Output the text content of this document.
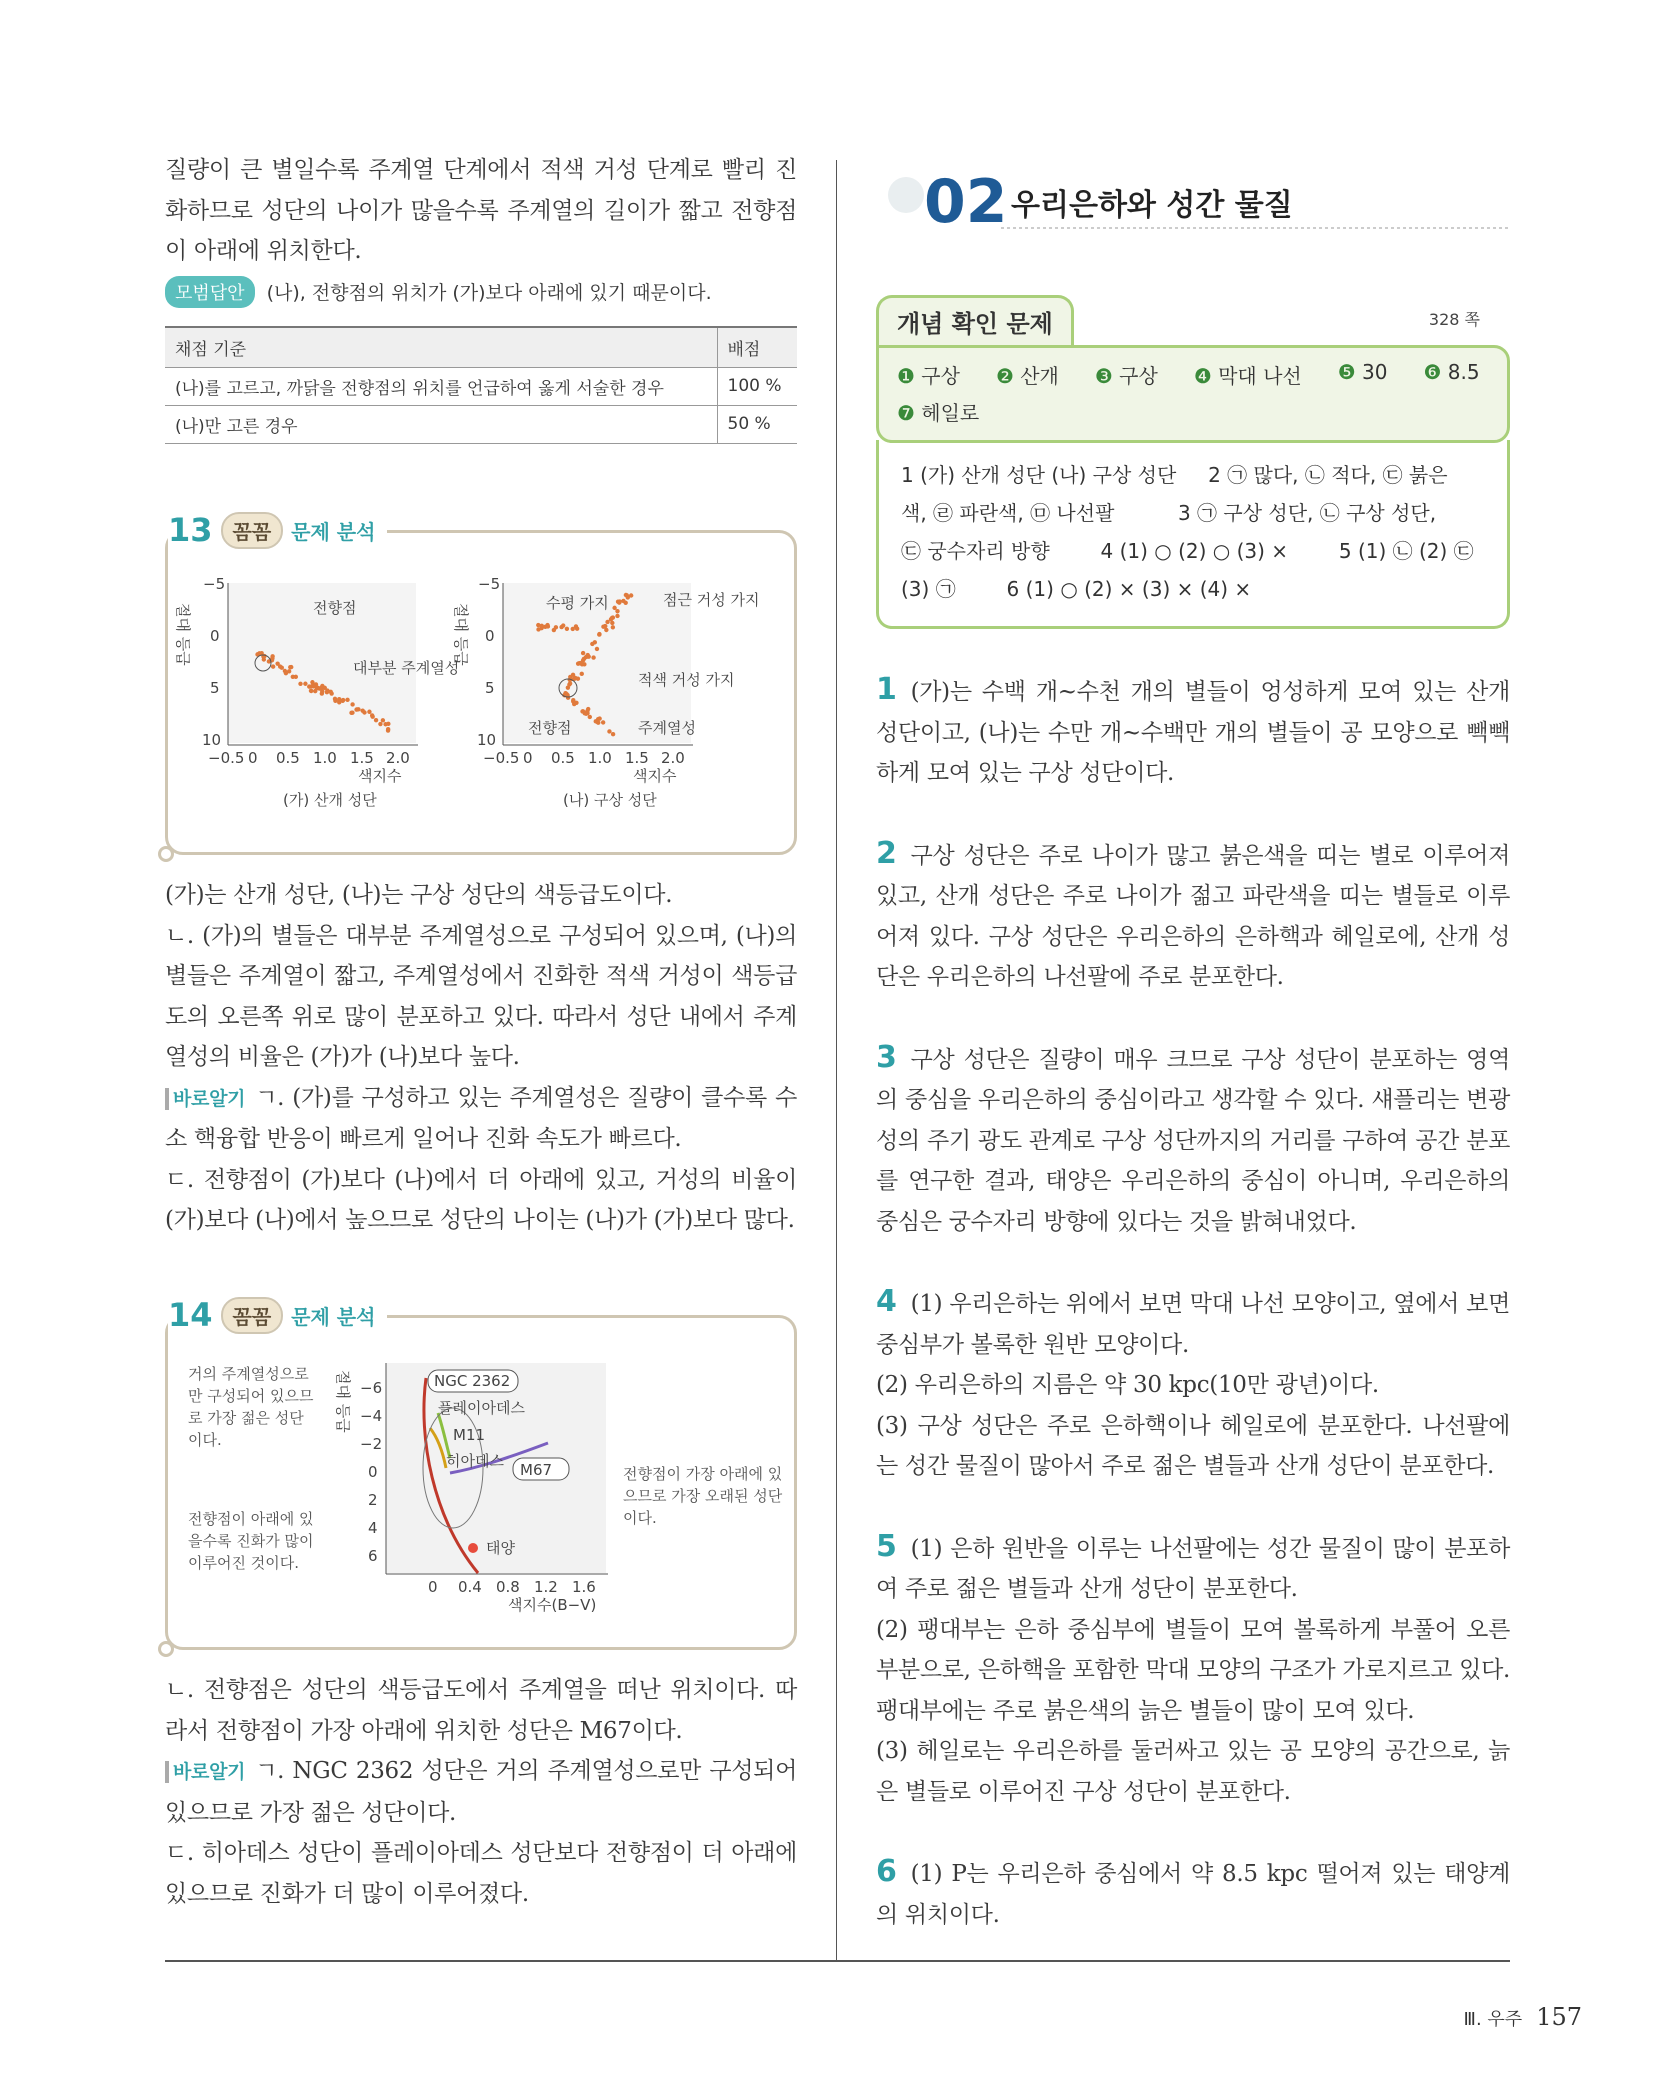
질량이 큰 별일수록 주계열 단계에서 적색 거성 단계로 빨리 진화하므로 성단의 나이가 많을수록 주계열의 길이가 짧고 전향점이 아래에 위치한다.

모범답안	(나), 전향점의 위치가 (가)보다 아래에 있기 때문이다.
채점 기준	배점
(나)를 고르고, 까닭을 전향점의 위치를 언급하여 옳게 서술한 경우	100 %
(나)만 고른 경우	50 %
13	꼼꼼	문제 분석
절대 등급
−5
0
5
10
−0.5 0 0.5 1.0 1.5 2.0
색지수
전향점
대부분 주계열성
(가) 산개 성단
절대 등급
−5
0
5
10
−0.5 0 0.5 1.0 1.5 2.0
색지수
수평 가지	점근 거성 가지
적색 거성 가지
전향점	주계열성
(나) 구상 성단

(가)는 산개 성단, (나)는 구상 성단의 색등급도이다.

ㄴ. (가)의 별들은 대부분 주계열성으로 구성되어 있으며, (나)의 별들은 주계열이 짧고, 주계열성에서 진화한 적색 거성이 색등급도의 오른쪽 위로 많이 분포하고 있다. 따라서 성단 내에서 주계열성의 비율은 (가)가 (나)보다 높다.

바로알기 ㄱ. (가)를 구성하고 있는 주계열성은 질량이 클수록 수소 핵융합 반응이 빠르게 일어나 진화 속도가 빠르다.

ㄷ. 전향점이 (가)보다 (나)에서 더 아래에 있고, 거성의 비율이 (가)보다 (나)에서 높으므로 성단의 나이는 (나)가 (가)보다 많다.

14	꼼꼼	문제 분석
거의 주계열성으로만 구성되어 있으므로 가장 젊은 성단이다.
전향점이 아래에 있을수록 진화가 많이 이루어진 것이다.
전향점이 가장 아래에 있으므로 가장 오래된 성단이다.
절대 등급 −6
−4
−2
0
2
4
6
0 0.4 0.8 1.2 1.6
색지수(B−V)
NGC 2362
플레이아데스
M11
히아데스 M67
태양

ㄴ. 전향점은 성단의 색등급도에서 주계열을 떠난 위치이다. 따라서 전향점이 가장 아래에 위치한 성단은 M67이다.

바로알기 ㄱ. NGC 2362 성단은 거의 주계열성으로만 구성되어 있으므로 가장 젊은 성단이다.

ㄷ. 히아데스 성단이 플레이아데스 성단보다 전향점이 더 아래에 있으므로 진화가 더 많이 이루어졌다.

02 우리은하와 성간 물질
개념 확인 문제	328 쪽
❶ 구상 ❷ 산개 ❸ 구상 ❹ 막대 나선 ❺ 30 ❻ 8.5
❼ 헤일로

1 (가) 산개 성단 (나) 구상 성단     2 ㉠ 많다, ㉡ 적다, ㉢ 붉은

색, ㉣ 파란색, ㉤ 나선팔          3 ㉠ 구상 성단, ㉡ 구상 성단,

㉢ 궁수자리 방향        4 (1) ○ (2) ○ (3) ×        5 (1) ㉡ (2) ㉢

(3) ㉠        6 (1) ○ (2) × (3) × (4) ×

1 (가)는 수백 개~수천 개의 별들이 엉성하게 모여 있는 산개 성단이고, (나)는 수만 개~수백만 개의 별들이 공 모양으로 빽빽하게 모여 있는 구상 성단이다.

2 구상 성단은 주로 나이가 많고 붉은색을 띠는 별로 이루어져 있고, 산개 성단은 주로 나이가 젊고 파란색을 띠는 별들로 이루어져 있다. 구상 성단은 우리은하의 은하핵과 헤일로에, 산개 성단은 우리은하의 나선팔에 주로 분포한다.

3 구상 성단은 질량이 매우 크므로 구상 성단이 분포하는 영역의 중심을 우리은하의 중심이라고 생각할 수 있다. 섀플리는 변광성의 주기 광도 관계로 구상 성단까지의 거리를 구하여 공간 분포를 연구한 결과, 태양은 우리은하의 중심이 아니며, 우리은하의 중심은 궁수자리 방향에 있다는 것을 밝혀내었다.

4 (1) 우리은하는 위에서 보면 막대 나선 모양이고, 옆에서 보면 중심부가 볼록한 원반 모양이다.

(2) 우리은하의 지름은 약 30 kpc(10만 광년)이다.

(3) 구상 성단은 주로 은하핵이나 헤일로에 분포한다. 나선팔에는 성간 물질이 많아서 주로 젊은 별들과 산개 성단이 분포한다.

5 (1) 은하 원반을 이루는 나선팔에는 성간 물질이 많이 분포하여 주로 젊은 별들과 산개 성단이 분포한다.

(2) 팽대부는 은하 중심부에 별들이 모여 볼록하게 부풀어 오른 부분으로, 은하핵을 포함한 막대 모양의 구조가 가로지르고 있다. 팽대부에는 주로 붉은색의 늙은 별들이 많이 모여 있다.

(3) 헤일로는 우리은하를 둘러싸고 있는 공 모양의 공간으로, 늙은 별들로 이루어진 구상 성단이 분포한다.

6 (1) P는 우리은하 중심에서 약 8.5 kpc 떨어져 있는 태양계의 위치이다.

Ⅲ. 우주 157
